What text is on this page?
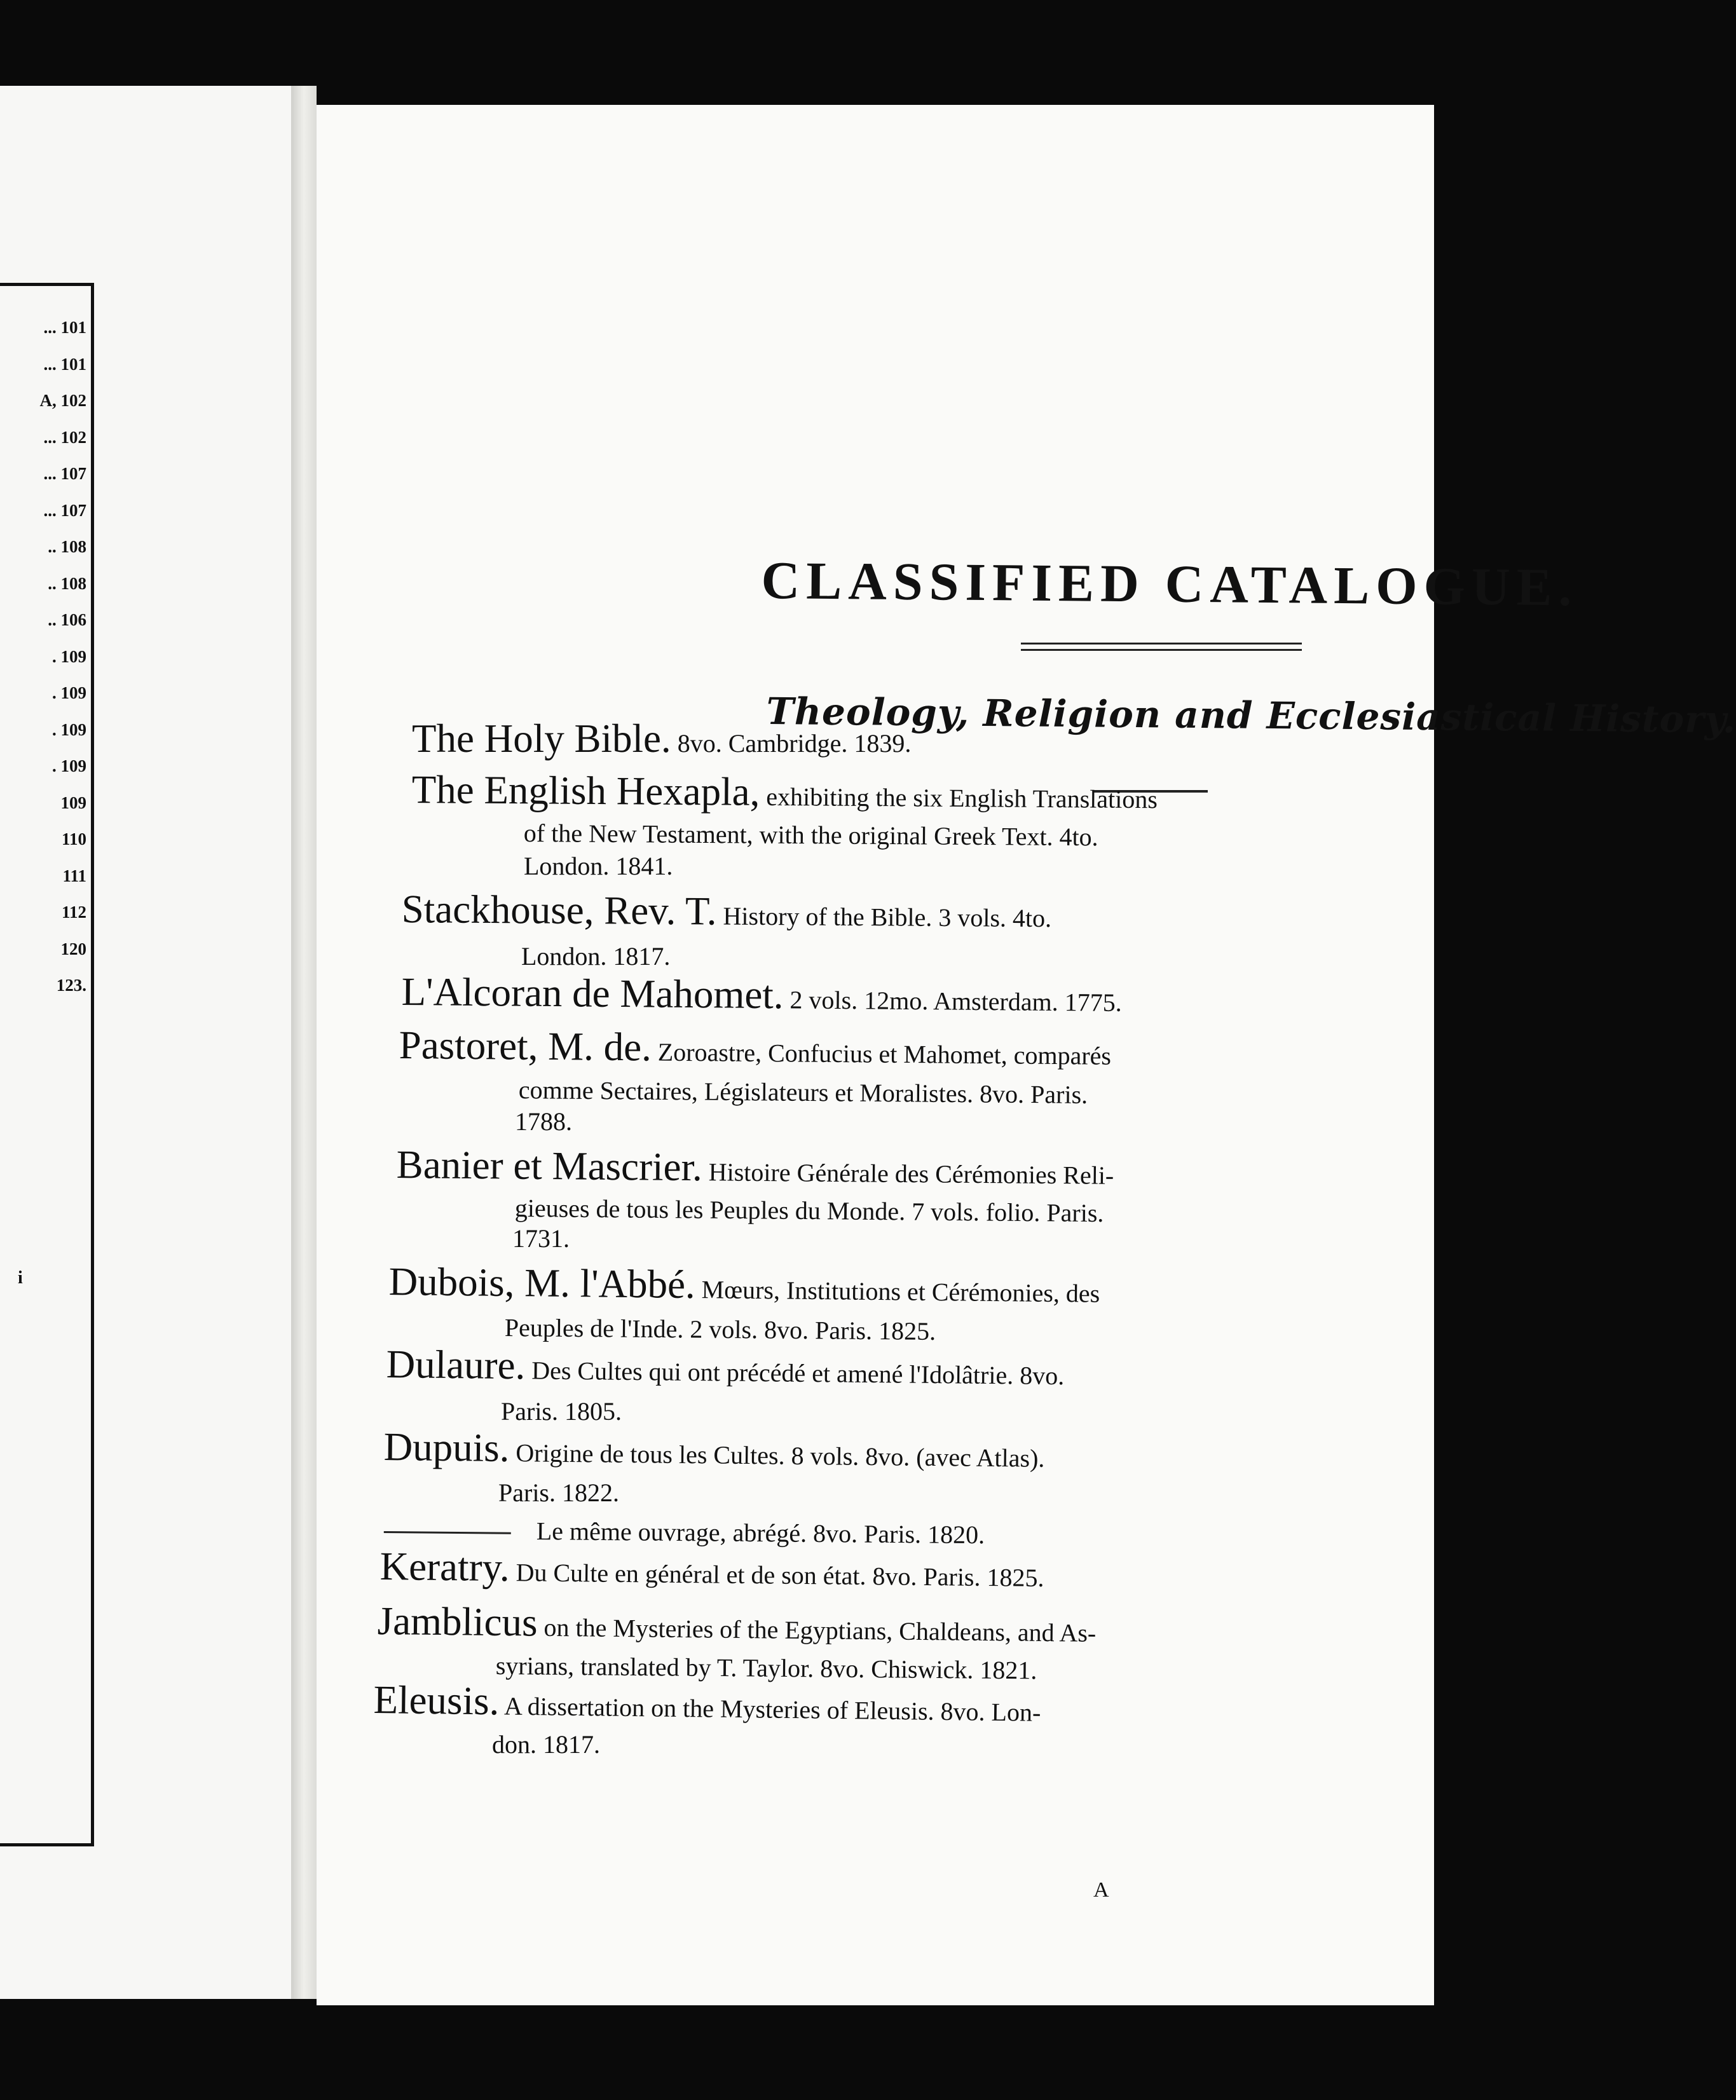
... 101
... 101
A, 102
... 102
... 107
... 107
.. 108
.. 108
.. 106
. 109
. 109
. 109
. 109
109
110
111
112
120
123.
i
CLASSIFIED CATALOGUE.
Theology, Religion and Ecclesiastical History.
The Holy Bible. 8vo. Cambridge. 1839.
The English Hexapla, exhibiting the six English Translations
of the New Testament, with the original Greek Text. 4to.
London. 1841.
Stackhouse, Rev. T. History of the Bible. 3 vols. 4to.
London. 1817.
L'Alcoran de Mahomet. 2 vols. 12mo. Amsterdam. 1775.
Pastoret, M. de. Zoroastre, Confucius et Mahomet, comparés
comme Sectaires, Législateurs et Moralistes. 8vo. Paris.
1788.
Banier et Mascrier. Histoire Générale des Cérémonies Reli-
gieuses de tous les Peuples du Monde. 7 vols. folio. Paris.
1731.
Dubois, M. l'Abbé. Mœurs, Institutions et Cérémonies, des
Peuples de l'Inde. 2 vols. 8vo. Paris. 1825.
Dulaure. Des Cultes qui ont précédé et amené l'Idolâtrie. 8vo.
Paris. 1805.
Dupuis. Origine de tous les Cultes. 8 vols. 8vo. (avec Atlas).
Paris. 1822.
Le même ouvrage, abrégé. 8vo. Paris. 1820.
Keratry. Du Culte en général et de son état. 8vo. Paris. 1825.
Jamblicus on the Mysteries of the Egyptians, Chaldeans, and As-
syrians, translated by T. Taylor. 8vo. Chiswick. 1821.
Eleusis. A dissertation on the Mysteries of Eleusis. 8vo. Lon-
don. 1817.
A
